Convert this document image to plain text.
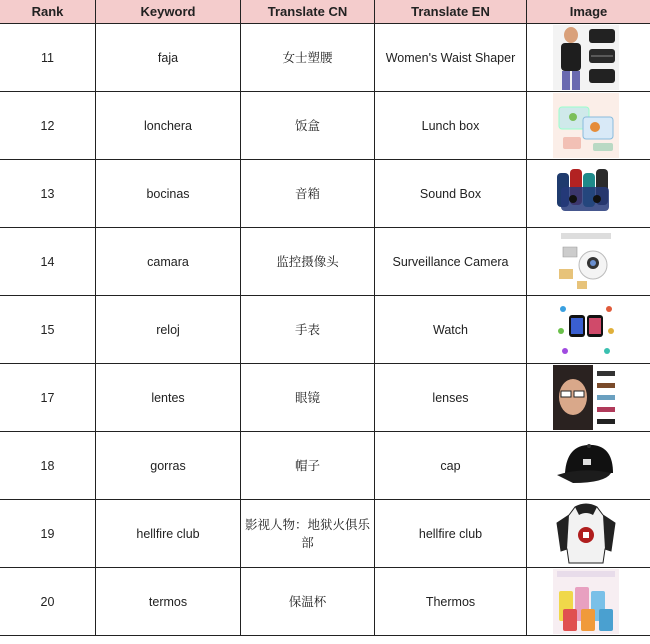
Rank	Keyword	Translate CN	Translate EN	Image
11	faja	女士塑腰	Women's Waist Shaper	

12	lonchera	饭盒	Lunch box	

13	bocinas	音箱	Sound Box	

14	camara	监控摄像头	Surveillance Camera	

15	reloj	手表	Watch	

17	lentes	眼镜	lenses	

18	gorras	帽子	cap	

19	hellfire club	影视人物：地狱火俱乐部	hellfire club	

20	termos	保温杯	Thermos	
